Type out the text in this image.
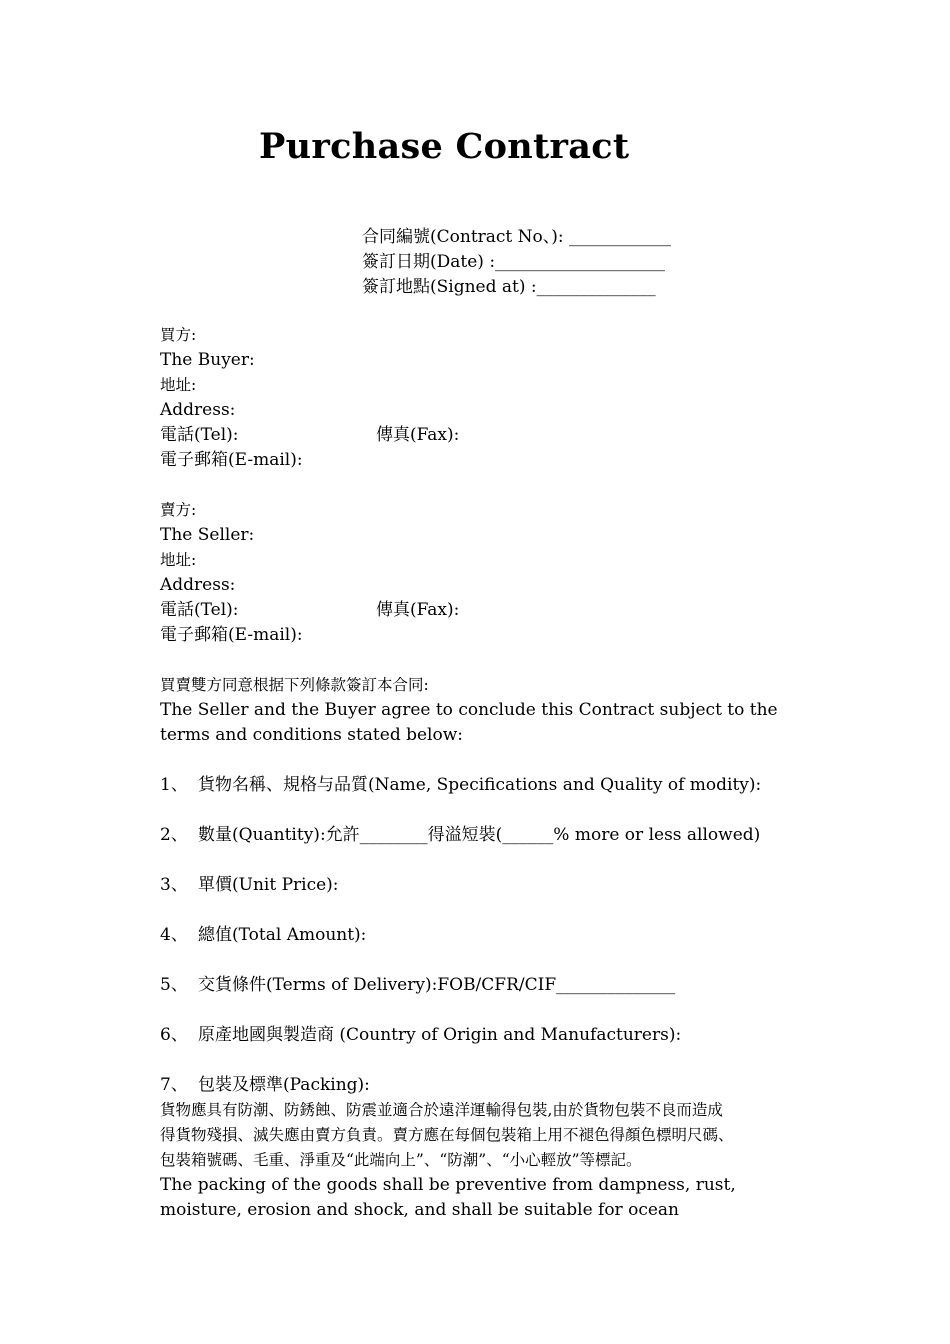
Purchase Contract
合同編號(Contract No、): ____________
簽訂日期(Date) :____________________
簽訂地點(Signed at) :______________
買方:
The Buyer:
地址:
Address:
電話(Tel):	傳真(Fax):
電子郵箱(E-mail):
賣方:
The Seller:
地址:
Address:
電話(Tel):	傳真(Fax):
電子郵箱(E-mail):
買賣雙方同意根据下列條款簽訂本合同:
The Seller and the Buyer agree to conclude this Contract subject to the terms and conditions stated below:
1、 貨物名稱、規格与品質(Name, Specifications and Quality of modity):
2、 數量(Quantity):允許________得溢短裝(______% more or less allowed)
3、 單價(Unit Price):
4、 總值(Total Amount):
5、 交貨條件(Terms of Delivery):FOB/CFR/CIF______________
6、 原產地國與製造商 (Country of Origin and Manufacturers):
7、 包裝及標準(Packing):
貨物應具有防潮、防銹蝕、防震並適合於遠洋運輸得包裝,由於貨物包裝不良而造成
得貨物殘損、滅失應由賣方負責。賣方應在每個包裝箱上用不褪色得顏色標明尺碼、
包裝箱號碼、毛重、淨重及“此端向上”、“防潮”、“小心輕放”等標記。
The packing of the goods shall be preventive from dampness, rust,
moisture, erosion and shock, and shall be suitable for ocean
